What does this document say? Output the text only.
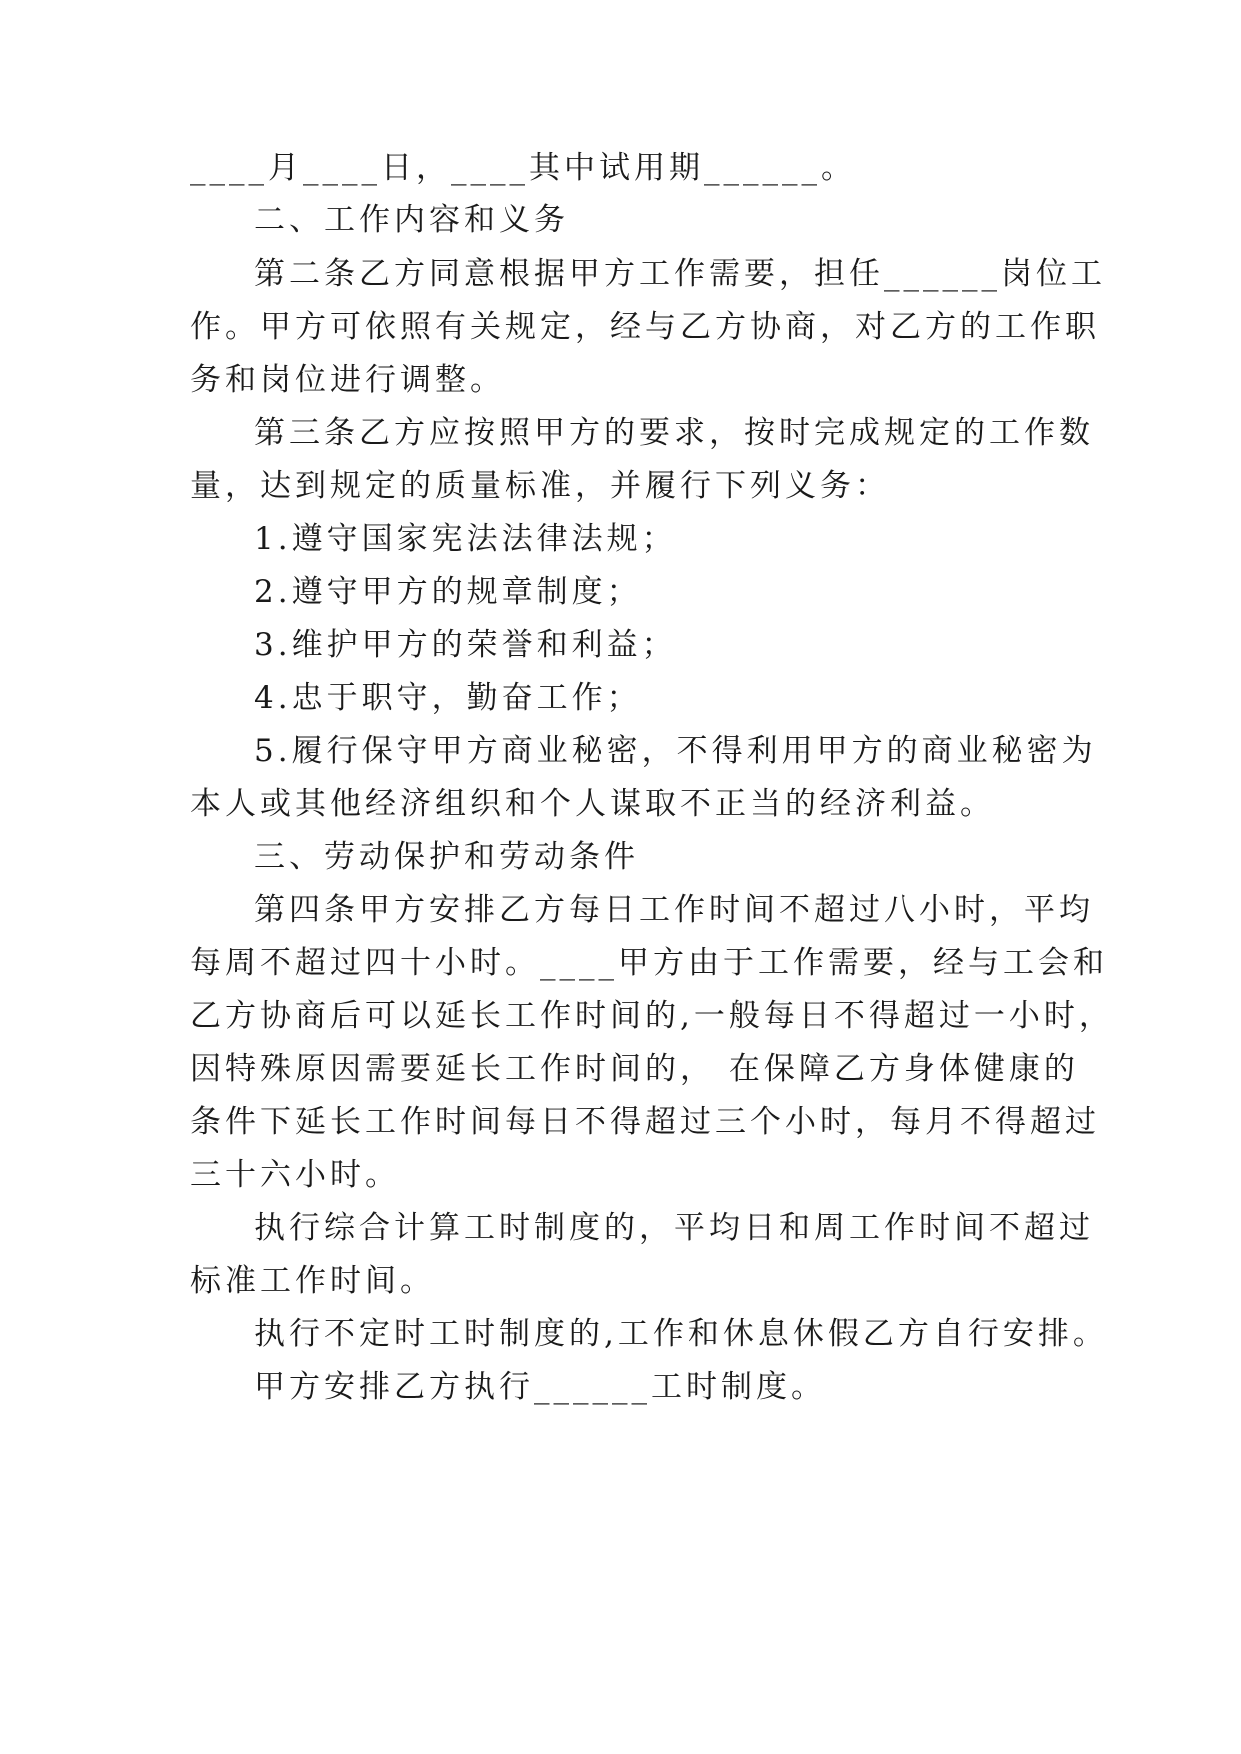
____月____日，____其中试用期______。
二、工作内容和义务
第二条乙方同意根据甲方工作需要，担任______岗位工
作。甲方可依照有关规定，经与乙方协商，对乙方的工作职
务和岗位进行调整。
第三条乙方应按照甲方的要求，按时完成规定的工作数
量，达到规定的质量标准，并履行下列义务：
1.遵守国家宪法法律法规；
2.遵守甲方的规章制度；
3.维护甲方的荣誉和利益；
4.忠于职守，勤奋工作；
5.履行保守甲方商业秘密，不得利用甲方的商业秘密为
本人或其他经济组织和个人谋取不正当的经济利益。
三、劳动保护和劳动条件
第四条甲方安排乙方每日工作时间不超过八小时，平均
每周不超过四十小时。____甲方由于工作需要，经与工会和
乙方协商后可以延长工作时间的,一般每日不得超过一小时，
因特殊原因需要延长工作时间的， 在保障乙方身体健康的
条件下延长工作时间每日不得超过三个小时，每月不得超过
三十六小时。
执行综合计算工时制度的，平均日和周工作时间不超过
标准工作时间。
执行不定时工时制度的,工作和休息休假乙方自行安排。
甲方安排乙方执行______工时制度。
